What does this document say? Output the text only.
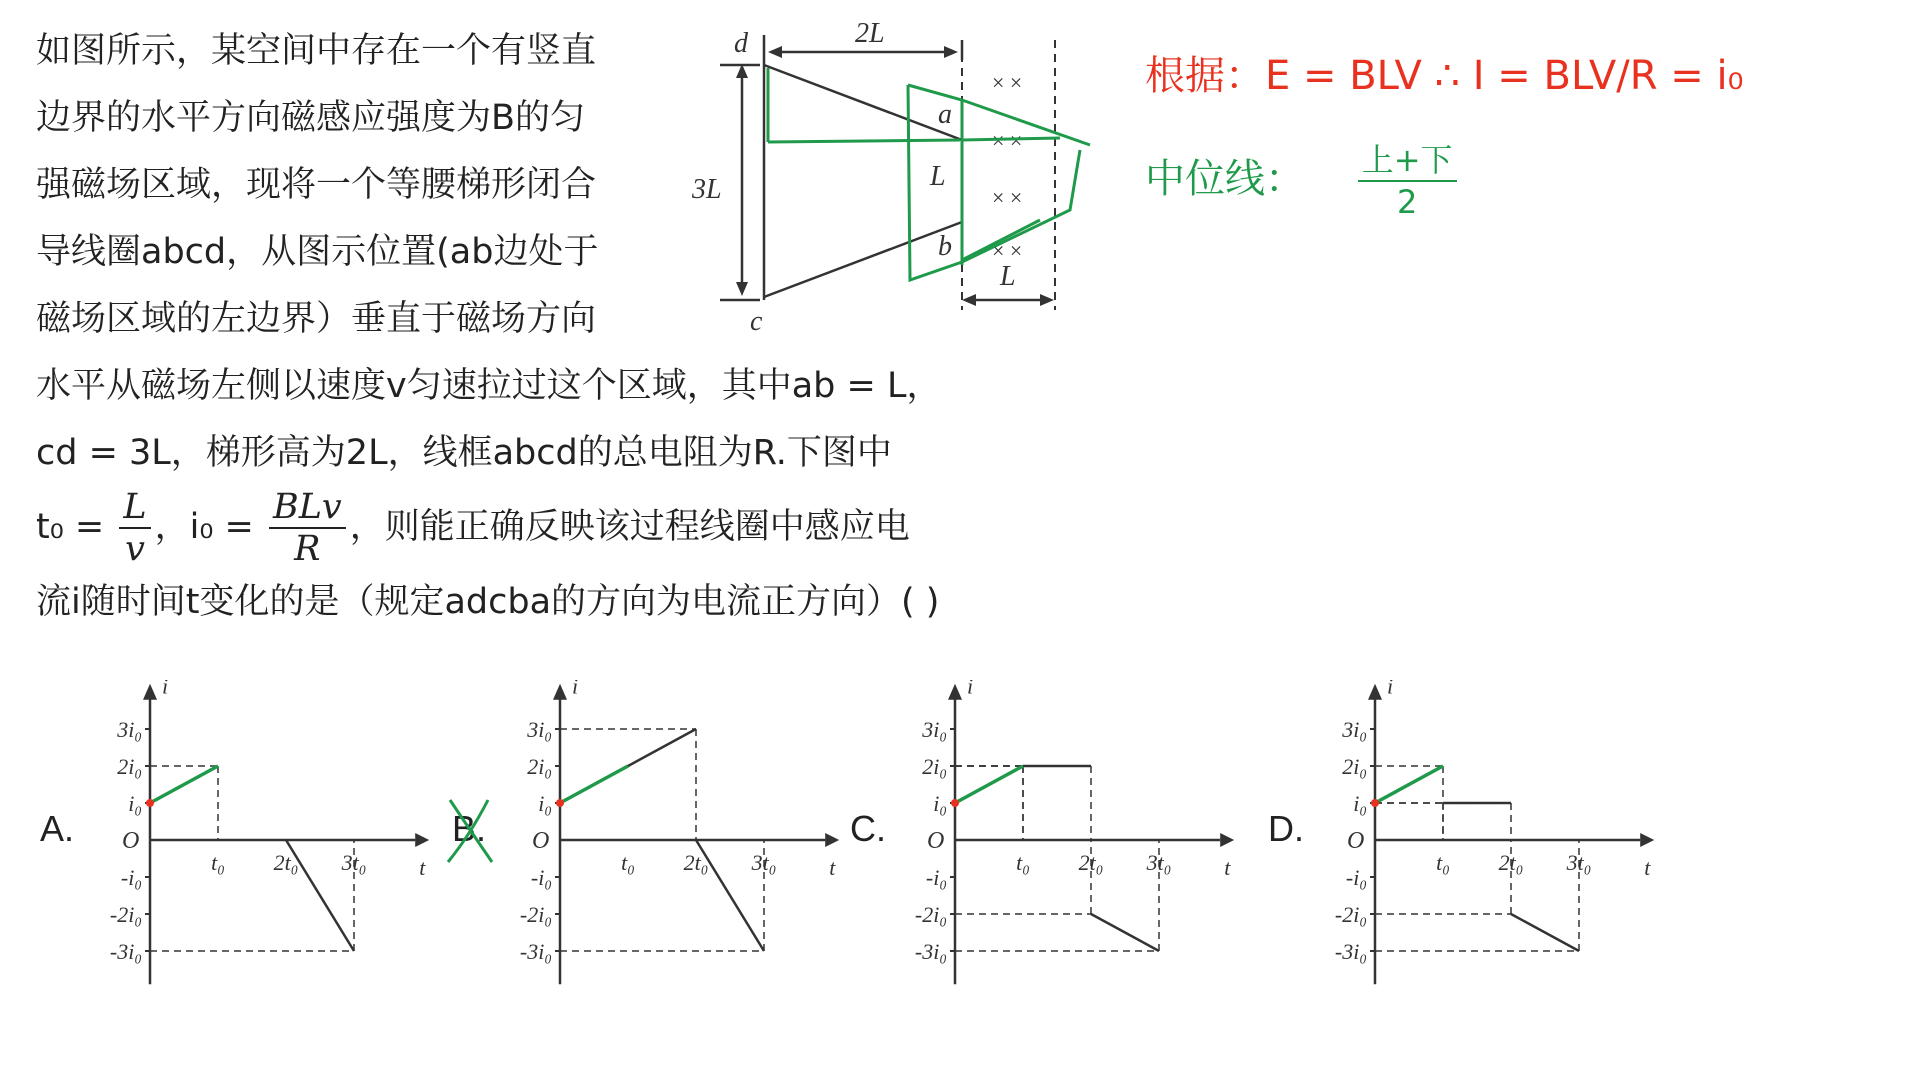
如图所示，某空间中存在一个有竖直
边界的水平方向磁感应强度为B的匀
强磁场区域，现将一个等腰梯形闭合
导线圈abcd，从图示位置(ab边处于
磁场区域的左边界）垂直于磁场方向
水平从磁场左侧以速度v匀速拉过这个区域，其中ab = L，
cd = 3L，梯形高为2L，线框abcd的总电阻为R.下图中
$t_0 = \frac{L}{v}$ ，$i_0 = \frac{\text{BLv}}{R}$ ，则能正确反映该过程线圈中感应电
流i随时间t变化的是（规定adcba的方向为电流正方向）( )
× ×
× ×
× ×
× ×
d
c
a
b
2L
3L	L
L
根据：E = BLV ∴ I = BLV/R = i₀
中位线： $\frac{\text{上+下}}{2}$
A.	B.	C.	D.
i
t
O
3i₀
2i₀
i₀
-i₀
-2i₀
-3i₀
t₀ 2t₀ 3t₀
i
t
O
3i₀
2i₀
i₀
-i₀
-2i₀
-3i₀
t₀ 2t₀ 3t₀
i
t
O
3i₀
2i₀
i₀
-i₀
-2i₀
-3i₀
t₀ 2t₀ 3t₀
i
t
O
3i₀
2i₀
i₀
-i₀
-2i₀
-3i₀
t₀ 2t₀ 3t₀
